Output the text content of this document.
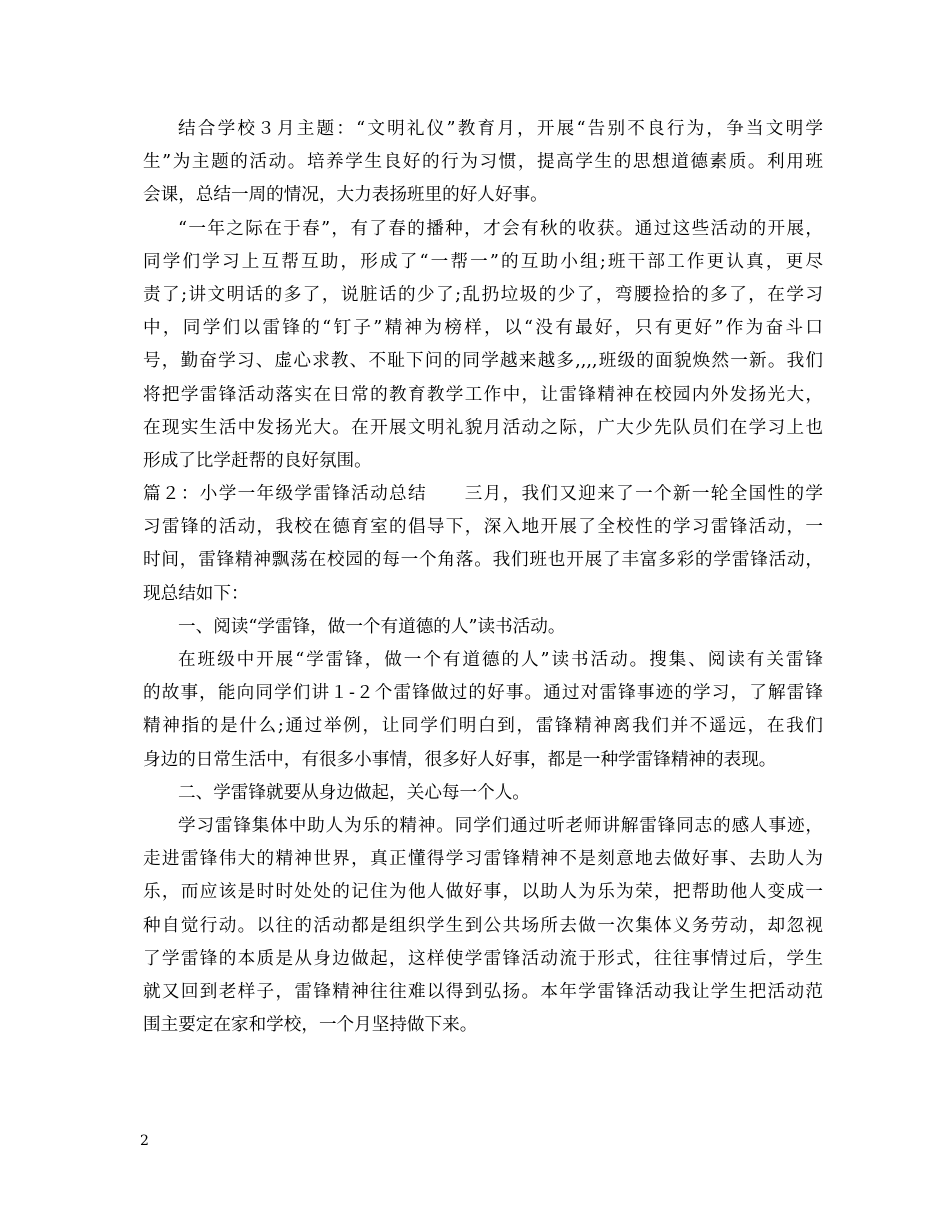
结合学校３月主题：“文明礼仪”教育月，开展“告别不良行为，争当文明学
生”为主题的活动。培养学生良好的行为习惯，提高学生的思想道德素质。利用班
会课，总结一周的情况，大力表扬班里的好人好事。
“一年之际在于春”，有了春的播种，才会有秋的收获。通过这些活动的开展，
同学们学习上互帮互助，形成了“一帮一”的互助小组;班干部工作更认真，更尽
责了;讲文明话的多了，说脏话的少了;乱扔垃圾的少了，弯腰捡拾的多了，在学习
中，同学们以雷锋的“钉子”精神为榜样，以“没有最好，只有更好”作为奋斗口
号，勤奋学习、虚心求教、不耻下问的同学越来越多,,,,班级的面貌焕然一新。我们
将把学雷锋活动落实在日常的教育教学工作中，让雷锋精神在校园内外发扬光大，
在现实生活中发扬光大。在开展文明礼貌月活动之际，广大少先队员们在学习上也
形成了比学赶帮的良好氛围。
篇２：小学一年级学雷锋活动总结　　三月，我们又迎来了一个新一轮全国性的学
习雷锋的活动，我校在德育室的倡导下，深入地开展了全校性的学习雷锋活动，一
时间，雷锋精神飘荡在校园的每一个角落。我们班也开展了丰富多彩的学雷锋活动，
现总结如下：
一、阅读“学雷锋，做一个有道德的人”读书活动。
在班级中开展“学雷锋，做一个有道德的人”读书活动。搜集、阅读有关雷锋
的故事，能向同学们讲１-２个雷锋做过的好事。通过对雷锋事迹的学习，了解雷锋
精神指的是什么;通过举例，让同学们明白到，雷锋精神离我们并不遥远，在我们
身边的日常生活中，有很多小事情，很多好人好事，都是一种学雷锋精神的表现。
二、学雷锋就要从身边做起，关心每一个人。
学习雷锋集体中助人为乐的精神。同学们通过听老师讲解雷锋同志的感人事迹，
走进雷锋伟大的精神世界，真正懂得学习雷锋精神不是刻意地去做好事、去助人为
乐，而应该是时时处处的记住为他人做好事，以助人为乐为荣，把帮助他人变成一
种自觉行动。以往的活动都是组织学生到公共场所去做一次集体义务劳动，却忽视
了学雷锋的本质是从身边做起，这样使学雷锋活动流于形式，往往事情过后，学生
就又回到老样子，雷锋精神往往难以得到弘扬。本年学雷锋活动我让学生把活动范
围主要定在家和学校，一个月坚持做下来。
2
